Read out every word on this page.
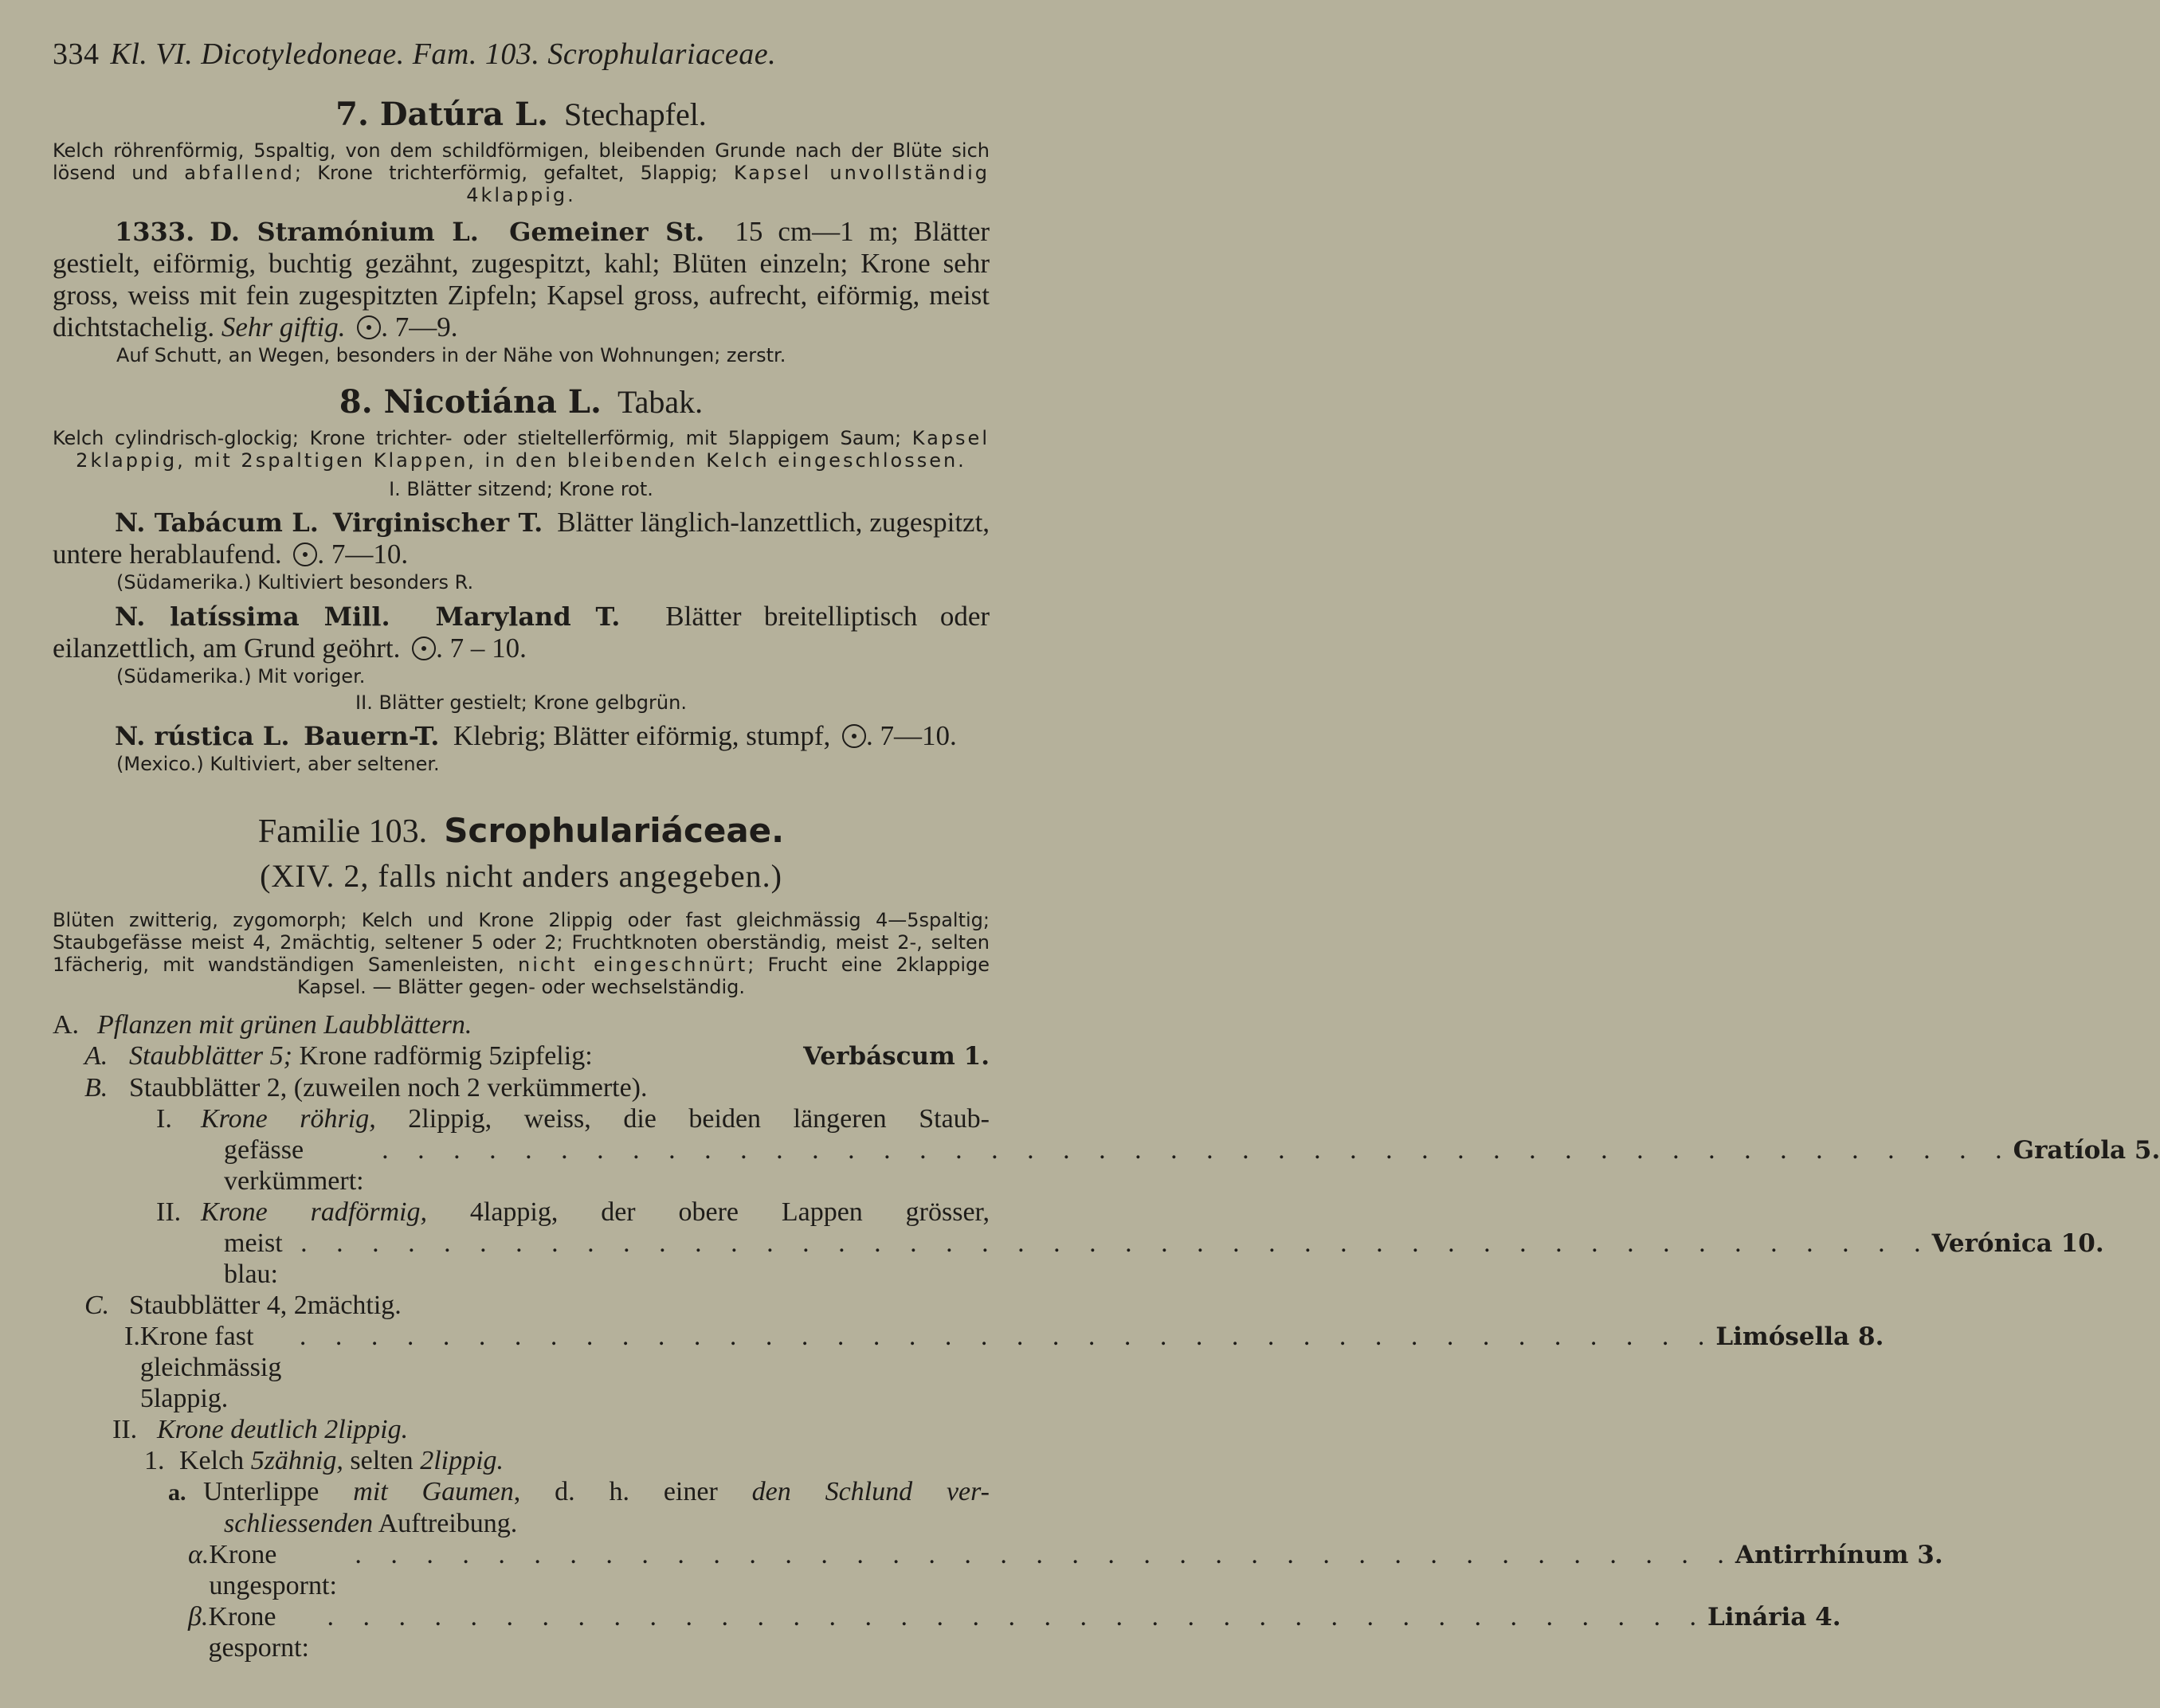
334 Kl. VI. Dicotyledoneae. Fam. 103. Scrophulariaceae.
7. Datúra L. Stechapfel.
Kelch röhrenförmig, 5spaltig, von dem schildförmigen, bleibenden Grunde nach der Blüte sich lösend und abfallend; Krone trichterförmig, gefaltet, 5lappig; Kapsel unvollständig 4klappig.
1333. D. Stramónium L. Gemeiner St. 15 cm—1 m; Blätter gestielt, eiförmig, buchtig gezähnt, zugespitzt, kahl; Blüten einzeln; Krone sehr gross, weiss mit fein zugespitzten Zipfeln; Kapsel gross, aufrecht, eiförmig, meist dichtstachelig. Sehr giftig. . 7—9.
Auf Schutt, an Wegen, besonders in der Nähe von Wohnungen; zerstr.
8. Nicotiána L. Tabak.
Kelch cylindrisch-glockig; Krone trichter- oder stieltellerförmig, mit 5lappigem Saum; Kapsel 2klappig, mit 2spaltigen Klappen, in den bleibenden Kelch eingeschlossen.
I. Blätter sitzend; Krone rot.
N. Tabácum L. Virginischer T. Blätter länglich-lanzettlich, zugespitzt, untere herablaufend. . 7—10.
(Südamerika.) Kultiviert besonders R.
N. latíssima Mill. Maryland T. Blätter breitelliptisch oder eilanzettlich, am Grund geöhrt. . 7 – 10.
(Südamerika.) Mit voriger.
II. Blätter gestielt; Krone gelbgrün.
N. rústica L. Bauern-T. Klebrig; Blätter eiförmig, stumpf, . 7—10.
(Mexico.) Kultiviert, aber seltener.
Familie 103. Scrophulariáceae.
(XIV. 2, falls nicht anders angegeben.)
Blüten zwitterig, zygomorph; Kelch und Krone 2lippig oder fast gleichmässig 4—5spaltig; Staubgefässe meist 4, 2mächtig, seltener 5 oder 2; Fruchtknoten oberständig, meist 2-, selten 1fächerig, mit wandständigen Samenleisten, nicht eingeschnürt; Frucht eine 2klappige Kapsel. — Blätter gegen- oder wechselständig.
A. Pflanzen mit grünen Laubblättern.
A. Staubblätter 5; Krone radförmig 5zipfelig:	Verbáscum 1.
B. Staubblätter 2, (zuweilen noch 2 verkümmerte).
I. Krone röhrig, 2lippig, weiss, die beiden längeren Staub-
gefässe verkümmert:
. . . . . . . . . . . . . . . . . . . . . . . . . . . . . . . . . . . . . . . . . . . . . . Gratíola 5.
II. Krone radförmig, 4lappig, der obere Lappen grösser,
meist blau:
. . . . . . . . . . . . . . . . . . . . . . . . . . . . . . . . . . . . . . . . . . . . . . Verónica 10.
C. Staubblätter 4, 2mächtig.
I. Krone fast gleichmässig 5lappig.
. . . . . . . . . . . . . . . . . . . . . . . . . . . . . . . . . . . . . . . . Limósella 8.
II. Krone deutlich 2lippig.
1. Kelch 5zähnig, selten 2lippig.
a. Unterlippe mit Gaumen, d. h. einer den Schlund ver-
schliessenden Auftreibung.
α. Krone ungespornt:
. . . . . . . . . . . . . . . . . . . . . . . . . . . . . . . . . . . . . . . Antirrhínum 3.
β. Krone gespornt:
. . . . . . . . . . . . . . . . . . . . . . . . . . . . . . . . . . . . . . . Linária 4.
